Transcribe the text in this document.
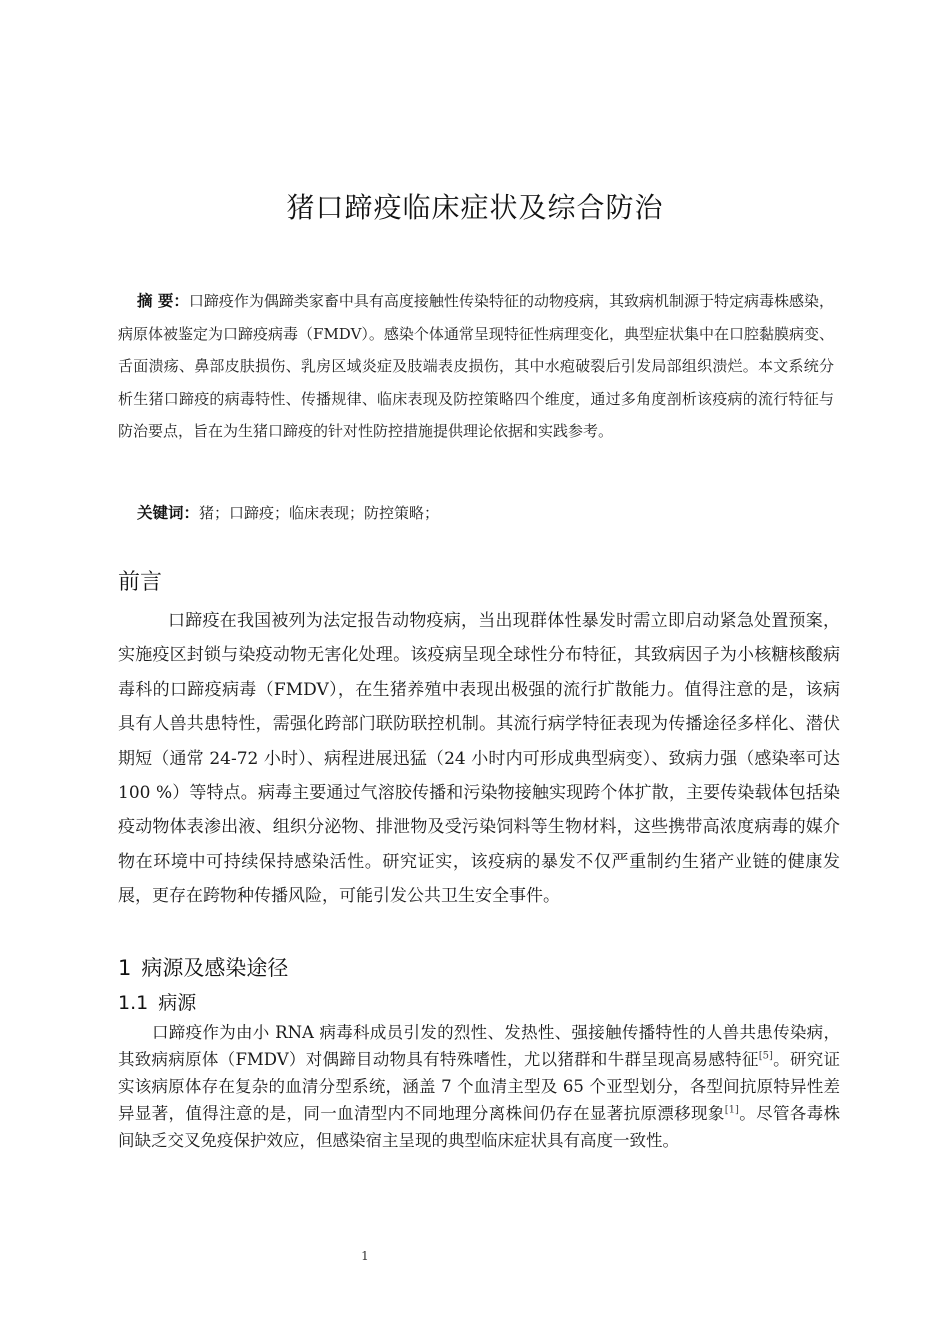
猪口蹄疫临床症状及综合防治
摘 要：口蹄疫作为偶蹄类家畜中具有高度接触性传染特征的动物疫病，其致病机制源于特定病毒株感染，病原体被鉴定为口蹄疫病毒（FMDV）。感染个体通常呈现特征性病理变化，典型症状集中在口腔黏膜病变、舌面溃疡、鼻部皮肤损伤、乳房区域炎症及肢端表皮损伤，其中水疱破裂后引发局部组织溃烂。本文系统分析生猪口蹄疫的病毒特性、传播规律、临床表现及防控策略四个维度，通过多角度剖析该疫病的流行特征与防治要点，旨在为生猪口蹄疫的针对性防控措施提供理论依据和实践参考。
关键词：猪；口蹄疫；临床表现；防控策略；
前言
口蹄疫在我国被列为法定报告动物疫病，当出现群体性暴发时需立即启动紧急处置预案，实施疫区封锁与染疫动物无害化处理。该疫病呈现全球性分布特征，其致病因子为小核糖核酸病毒科的口蹄疫病毒（FMDV），在生猪养殖中表现出极强的流行扩散能力。值得注意的是，该病具有人兽共患特性，需强化跨部门联防联控机制。其流行病学特征表现为传播途径多样化、潜伏期短（通常 24-72 小时）、病程进展迅猛（24 小时内可形成典型病变）、致病力强（感染率可达 100 %）等特点。病毒主要通过气溶胶传播和污染物接触实现跨个体扩散，主要传染载体包括染疫动物体表渗出液、组织分泌物、排泄物及受污染饲料等生物材料，这些携带高浓度病毒的媒介物在环境中可持续保持感染活性。研究证实，该疫病的暴发不仅严重制约生猪产业链的健康发展，更存在跨物种传播风险，可能引发公共卫生安全事件。
1 病源及感染途径
1.1 病源
口蹄疫作为由小 RNA 病毒科成员引发的烈性、发热性、强接触传播特性的人兽共患传染病，其致病病原体（FMDV）对偶蹄目动物具有特殊嗜性，尤以猪群和牛群呈现高易感特征[5]。研究证实该病原体存在复杂的血清分型系统，涵盖 7 个血清主型及 65 个亚型划分，各型间抗原特异性差异显著，值得注意的是，同一血清型内不同地理分离株间仍存在显著抗原漂移现象[1]。尽管各毒株间缺乏交叉免疫保护效应，但感染宿主呈现的典型临床症状具有高度一致性。
1
